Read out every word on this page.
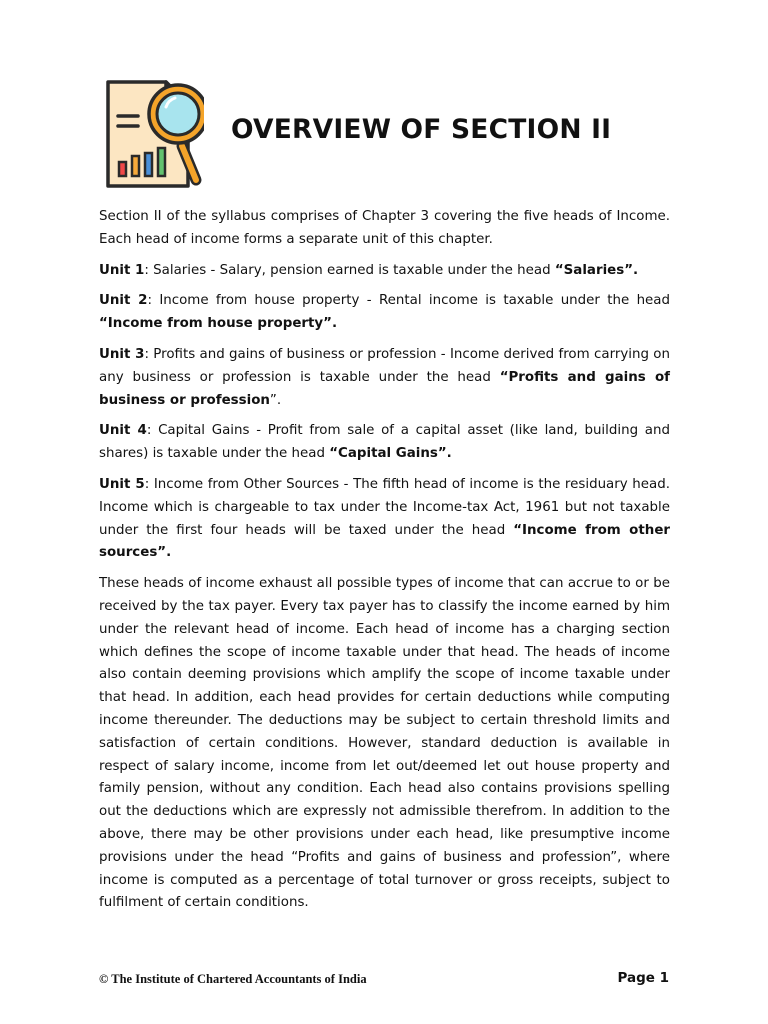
OVERVIEW OF SECTION II

Section II of the syllabus comprises of Chapter 3 covering the five heads of Income. Each head of income forms a separate unit of this chapter.

Unit 1: Salaries - Salary, pension earned is taxable under the head “Salaries”.

Unit 2: Income from house property - Rental income is taxable under the head “Income from house property”.

Unit 3: Profits and gains of business or profession - Income derived from carrying on any business or profession is taxable under the head “Profits and gains of business or profession”.

Unit 4: Capital Gains - Profit from sale of a capital asset (like land, building and shares) is taxable under the head “Capital Gains”.

Unit 5: Income from Other Sources - The fifth head of income is the residuary head. Income which is chargeable to tax under the Income-tax Act, 1961 but not taxable under the first four heads will be taxed under the head “Income from other sources”.

These heads of income exhaust all possible types of income that can accrue to or be received by the tax payer. Every tax payer has to classify the income earned by him under the relevant head of income. Each head of income has a charging section which defines the scope of income taxable under that head. The heads of income also contain deeming provisions which amplify the scope of income taxable under that head. In addition, each head provides for certain deductions while computing income thereunder. The deductions may be subject to certain threshold limits and satisfaction of certain conditions. However, standard deduction is available in respect of salary income, income from let out/deemed let out house property and family pension, without any condition. Each head also contains provisions spelling out the deductions which are expressly not admissible therefrom. In addition to the above, there may be other provisions under each head, like presumptive income provisions under the head “Profits and gains of business and profession”, where income is computed as a percentage of total turnover or gross receipts, subject to fulfilment of certain conditions.

© The Institute of Chartered Accountants of India	Page 1
